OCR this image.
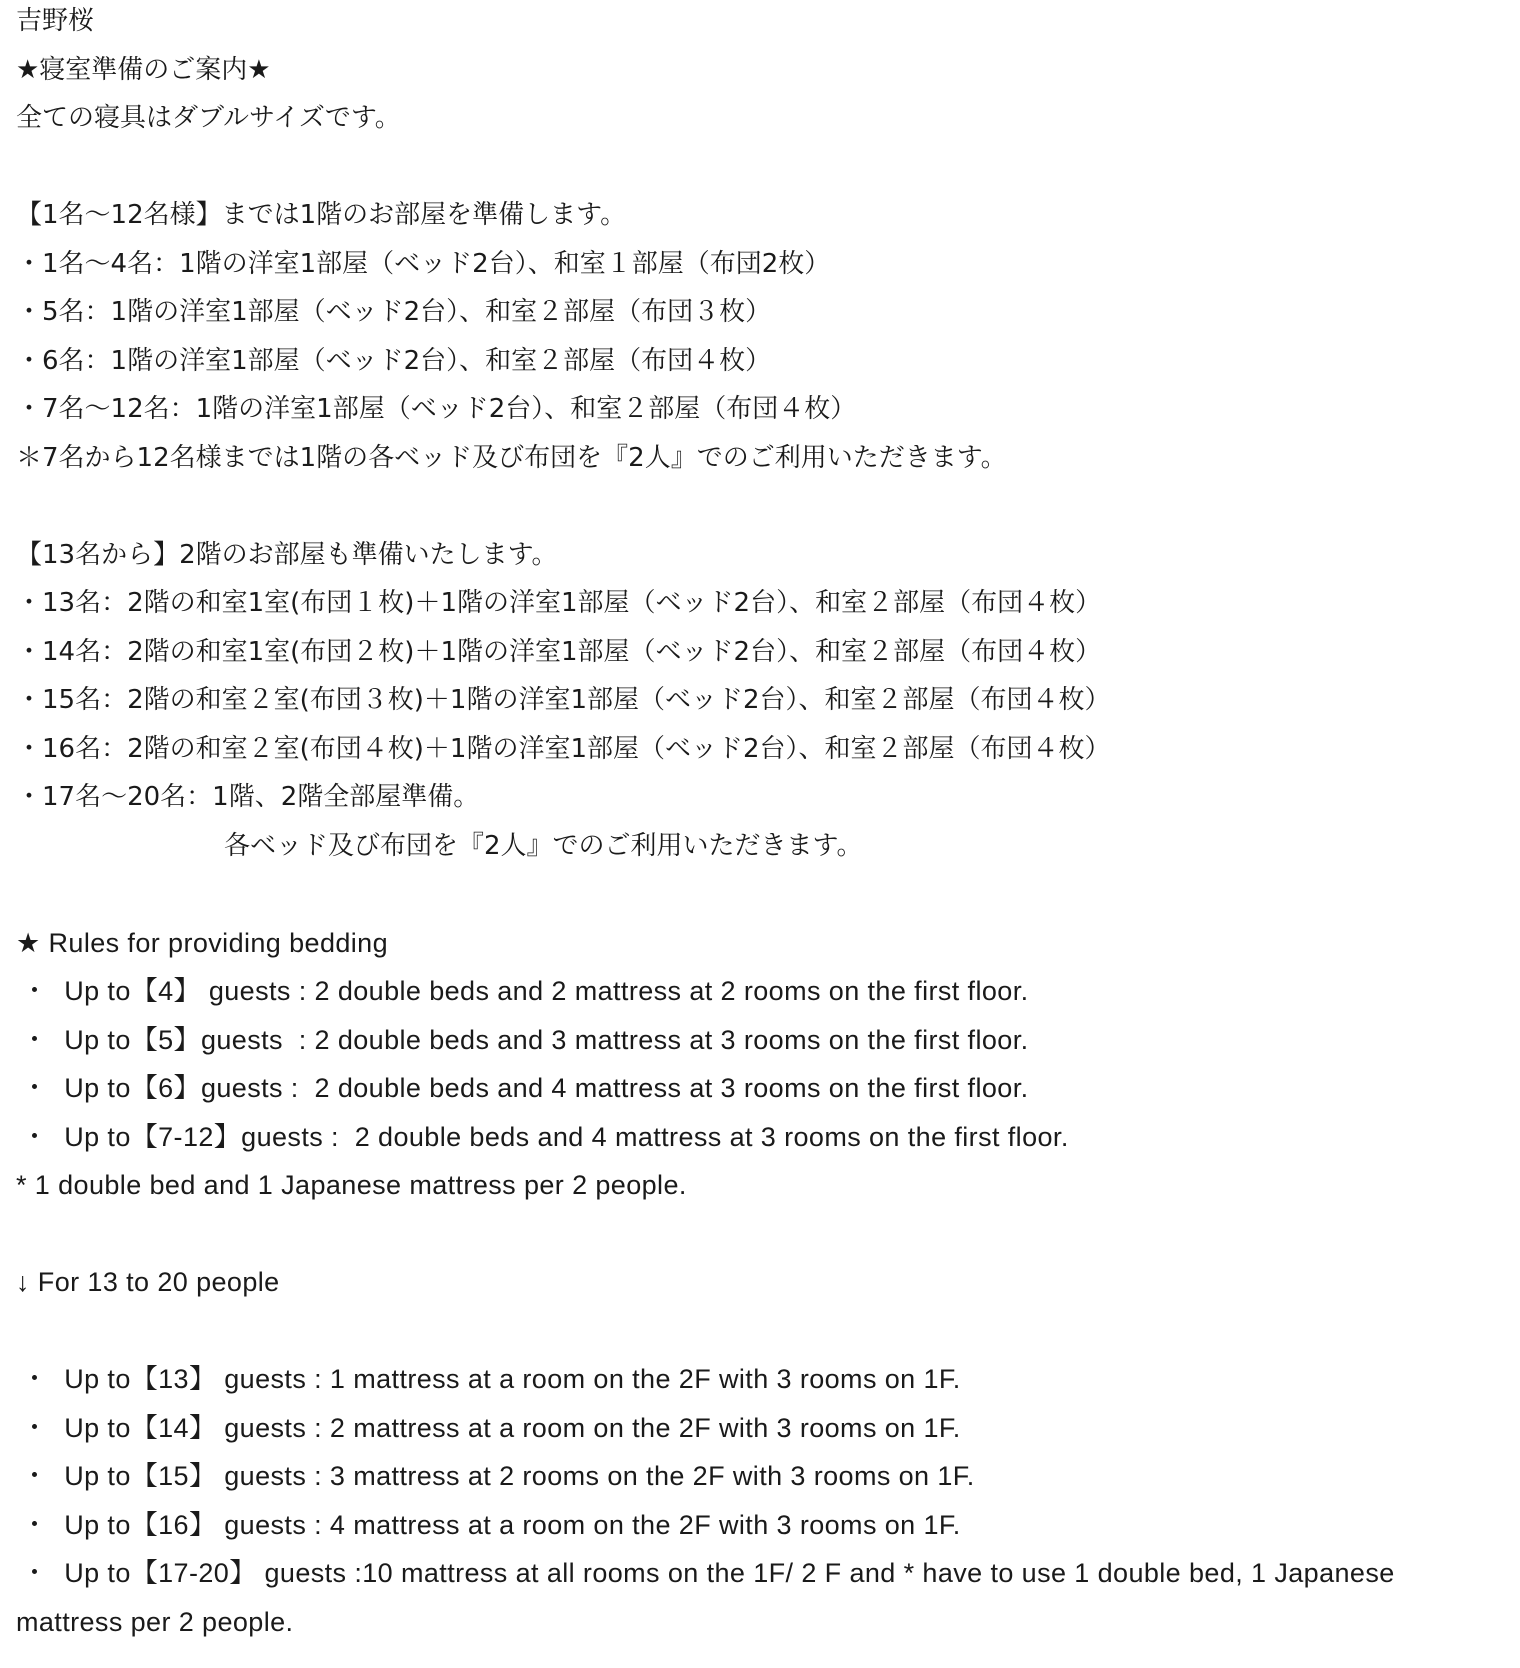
吉野桜
★寝室準備のご案内★
全ての寝具はダブルサイズです。
【1名～12名様】までは1階のお部屋を準備します。
・1名～4名：1階の洋室1部屋（ベッド2台）、和室１部屋（布団2枚）
・5名：1階の洋室1部屋（ベッド2台）、和室２部屋（布団３枚）
・6名：1階の洋室1部屋（ベッド2台）、和室２部屋（布団４枚）
・7名～12名：1階の洋室1部屋（ベッド2台）、和室２部屋（布団４枚）
＊7名から12名様までは1階の各ベッド及び布団を『2人』でのご利用いただきます。
【13名から】2階のお部屋も準備いたします。
・13名：2階の和室1室(布団１枚)＋1階の洋室1部屋（ベッド2台）、和室２部屋（布団４枚）
・14名：2階の和室1室(布団２枚)＋1階の洋室1部屋（ベッド2台）、和室２部屋（布団４枚）
・15名：2階の和室２室(布団３枚)＋1階の洋室1部屋（ベッド2台）、和室２部屋（布団４枚）
・16名：2階の和室２室(布団４枚)＋1階の洋室1部屋（ベッド2台）、和室２部屋（布団４枚）
・17名～20名：1階、2階全部屋準備。
　　　　　　　　各ベッド及び布団を『2人』でのご利用いただきます。
★ Rules for providing bedding
・  Up to【4】 guests : 2 double beds and 2 mattress at 2 rooms on the first floor.
・  Up to【5】guests  : 2 double beds and 3 mattress at 3 rooms on the first floor.
・  Up to【6】guests :  2 double beds and 4 mattress at 3 rooms on the first floor.
・  Up to【7-12】guests :  2 double beds and 4 mattress at 3 rooms on the first floor.
* 1 double bed and 1 Japanese mattress per 2 people.
↓ For 13 to 20 people
・  Up to【13】 guests : 1 mattress at a room on the 2F with 3 rooms on 1F.
・  Up to【14】 guests : 2 mattress at a room on the 2F with 3 rooms on 1F.
・  Up to【15】 guests : 3 mattress at 2 rooms on the 2F with 3 rooms on 1F.
・  Up to【16】 guests : 4 mattress at a room on the 2F with 3 rooms on 1F.
・  Up to【17-20】 guests :10 mattress at all rooms on the 1F/ 2 F and * have to use 1 double bed, 1 Japanese
mattress per 2 people.
